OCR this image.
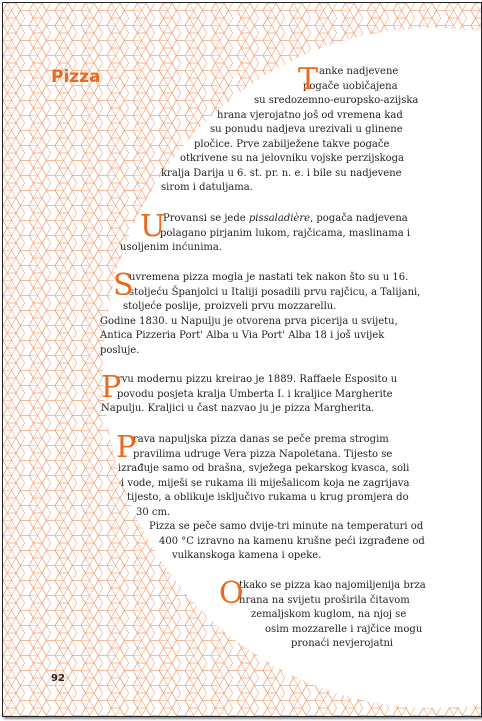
Pizza	T anke nadjevene
pogače uobičajena
su sredozemno-europsko-azijska
hrana vjerojatno još od vremena kad
su ponudu nadjeva urezivali u glinene
pločice. Prve zabilježene takve pogače
otkrivene su na jelovniku vojske perzijskoga
kralja Darija u 6. st. pr. n. e. i bile su nadjevene
sirom i datuljama.
U
Provansi se jede pissaladière, pogača nadjevena
polagano pirjanim lukom, rajčicama, maslinama i
usoljenim inćunima.
S
uvremena pizza mogla je nastati tek nakon što su u 16.
stoljeću Španjolci u Italiji posadili prvu rajčicu, a Talijani,
stoljeće poslije, proizveli prvu mozzarellu.
Godine 1830. u Napulju je otvorena prva picerija u svijetu,
Antica Pizzeria Port' Alba u Via Port' Alba 18 i još uvijek
posluje.
P
rvu modernu pizzu kreirao je 1889. Raffaele Esposito u
povodu posjeta kralja Umberta I. i kraljice Margherite
Napulju. Kraljici u čast nazvao ju je pizza Margherita.
P
rava napuljska pizza danas se peče prema strogim
pravilima udruge Vera pizza Napoletana. Tijesto se
izrađuje samo od brašna, svježega pekarskog kvasca, soli
i vode, miješi se rukama ili miješalicom koja ne zagrijava
tijesto, a oblikuje isključivo rukama u krug promjera do
30 cm.
Pizza se peče samo dvije-tri minute na temperaturi od
400 °C izravno na kamenu krušne peći izgrađene od
vulkanskoga kamena i opeke.
O
tkako se pizza kao najomiljenija brza
hrana na svijetu proširila čitavom
zemaljskom kuglom, na njoj se
osim mozzarelle i rajčice mogu
pronaći nevjerojatni
92
